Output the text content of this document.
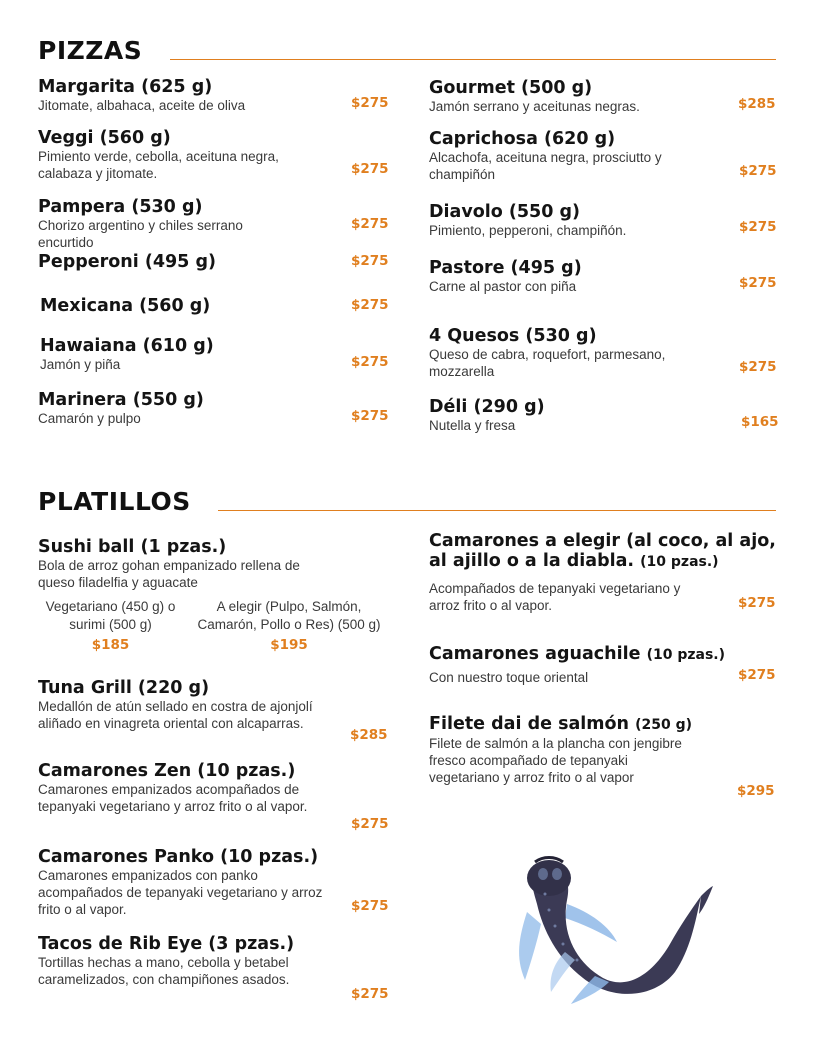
PIZZAS
Margarita (625 g)
Jitomate, albahaca, aceite de oliva	$275
Veggi (560 g)
Pimiento verde, cebolla, aceituna negra, calabaza y jitomate.	$275
Pampera (530 g)
Chorizo argentino y chiles serrano encurtido
$275
Pepperoni (495 g)	$275
Mexicana (560 g)	$275
Hawaiana (610 g)
Jamón y piña	$275
Marinera (550 g)
Camarón y pulpo	$275
Gourmet (500 g)
Jamón serrano y aceitunas negras.	$285
Caprichosa (620 g)
Alcachofa, aceituna negra, prosciutto y champiñón	$275
Diavolo (550 g)
Pimiento, pepperoni, champiñón.	$275
Pastore (495 g)
Carne al pastor con piña	$275
4 Quesos (530 g)
Queso de cabra, roquefort, parmesano, mozzarella	$275
Déli (290 g)
Nutella y fresa	$165
PLATILLOS
Sushi ball (1 pzas.)
Bola de arroz gohan empanizado rellena de queso filadelfia y aguacate
Vegetariano (450 g) o surimi (500 g)
$185
A elegir (Pulpo, Salmón, Camarón, Pollo o Res) (500 g)
$195
Tuna Grill (220 g)
Medallón de atún sellado en costra de ajonjolí aliñado en vinagreta oriental con alcaparras.
$285
Camarones Zen (10 pzas.)
Camarones empanizados acompañados de tepanyaki vegetariano y arroz frito o al vapor.
$275
Camarones Panko (10 pzas.)
Camarones empanizados con panko acompañados de tepanyaki vegetariano y arroz frito o al vapor.	$275
Tacos de Rib Eye (3 pzas.)
Tortillas hechas a mano, cebolla y betabel caramelizados, con champiñones asados.
$275
Camarones a elegir (al coco, al ajo, al ajillo o a la diabla. (10 pzas.)
Acompañados de tepanyaki vegetariano y arroz frito o al vapor.	$275
Camarones aguachile (10 pzas.)
Con nuestro toque oriental	$275
Filete dai de salmón (250 g)
Filete de salmón a la plancha con jengibre fresco acompañado de tepanyaki vegetariano y arroz frito o al vapor
$295
